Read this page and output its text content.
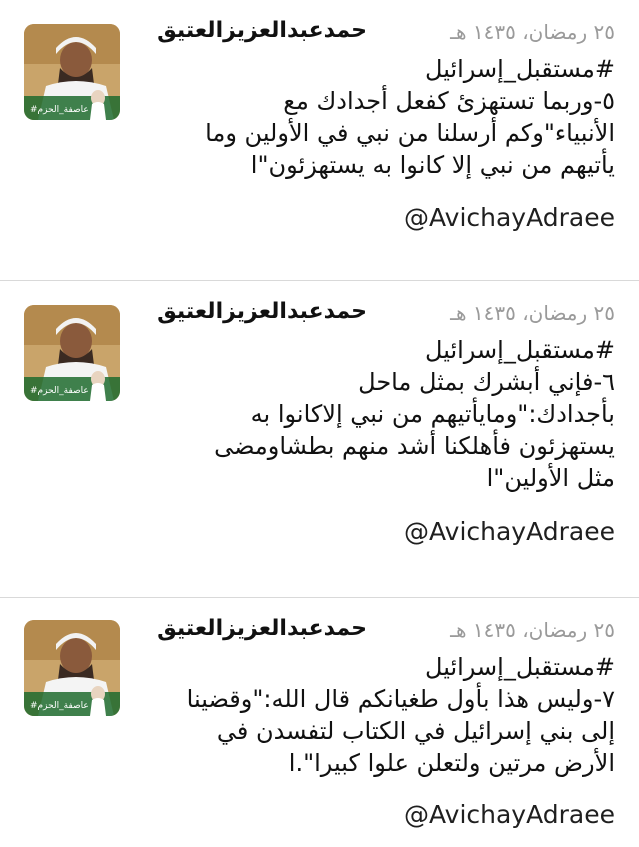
#عاصفة_الحزم
حمدعبدالعزيزالعتيق	٢٥ رمضان، ١٤٣٥ هـ
#مستقبل_إسرائيل
٥-وربما تستهزئ كفعل أجدادك مع
الأنبياء"وكم أرسلنا من نبي في الأولين وما
يأتيهم من نبي إلا كانوا به يستهزئون"ا
@AvichayAdraee
#عاصفة_الحزم
حمدعبدالعزيزالعتيق	٢٥ رمضان، ١٤٣٥ هـ
#مستقبل_إسرائيل
٦-فإني أبشرك بمثل ماحل
بأجدادك:"ومايأتيهم من نبي إلاكانوا به
يستهزئون فأهلكنا أشد منهم بطشاومضى
مثل الأولين"ا
@AvichayAdraee
#عاصفة_الحزم
حمدعبدالعزيزالعتيق	٢٥ رمضان، ١٤٣٥ هـ
#مستقبل_إسرائيل
٧-وليس هذا بأول طغيانكم قال الله:"وقضينا
إلى بني إسرائيل في الكتاب لتفسدن في
الأرض مرتين ولتعلن علوا كبيرا".ا
@AvichayAdraee
